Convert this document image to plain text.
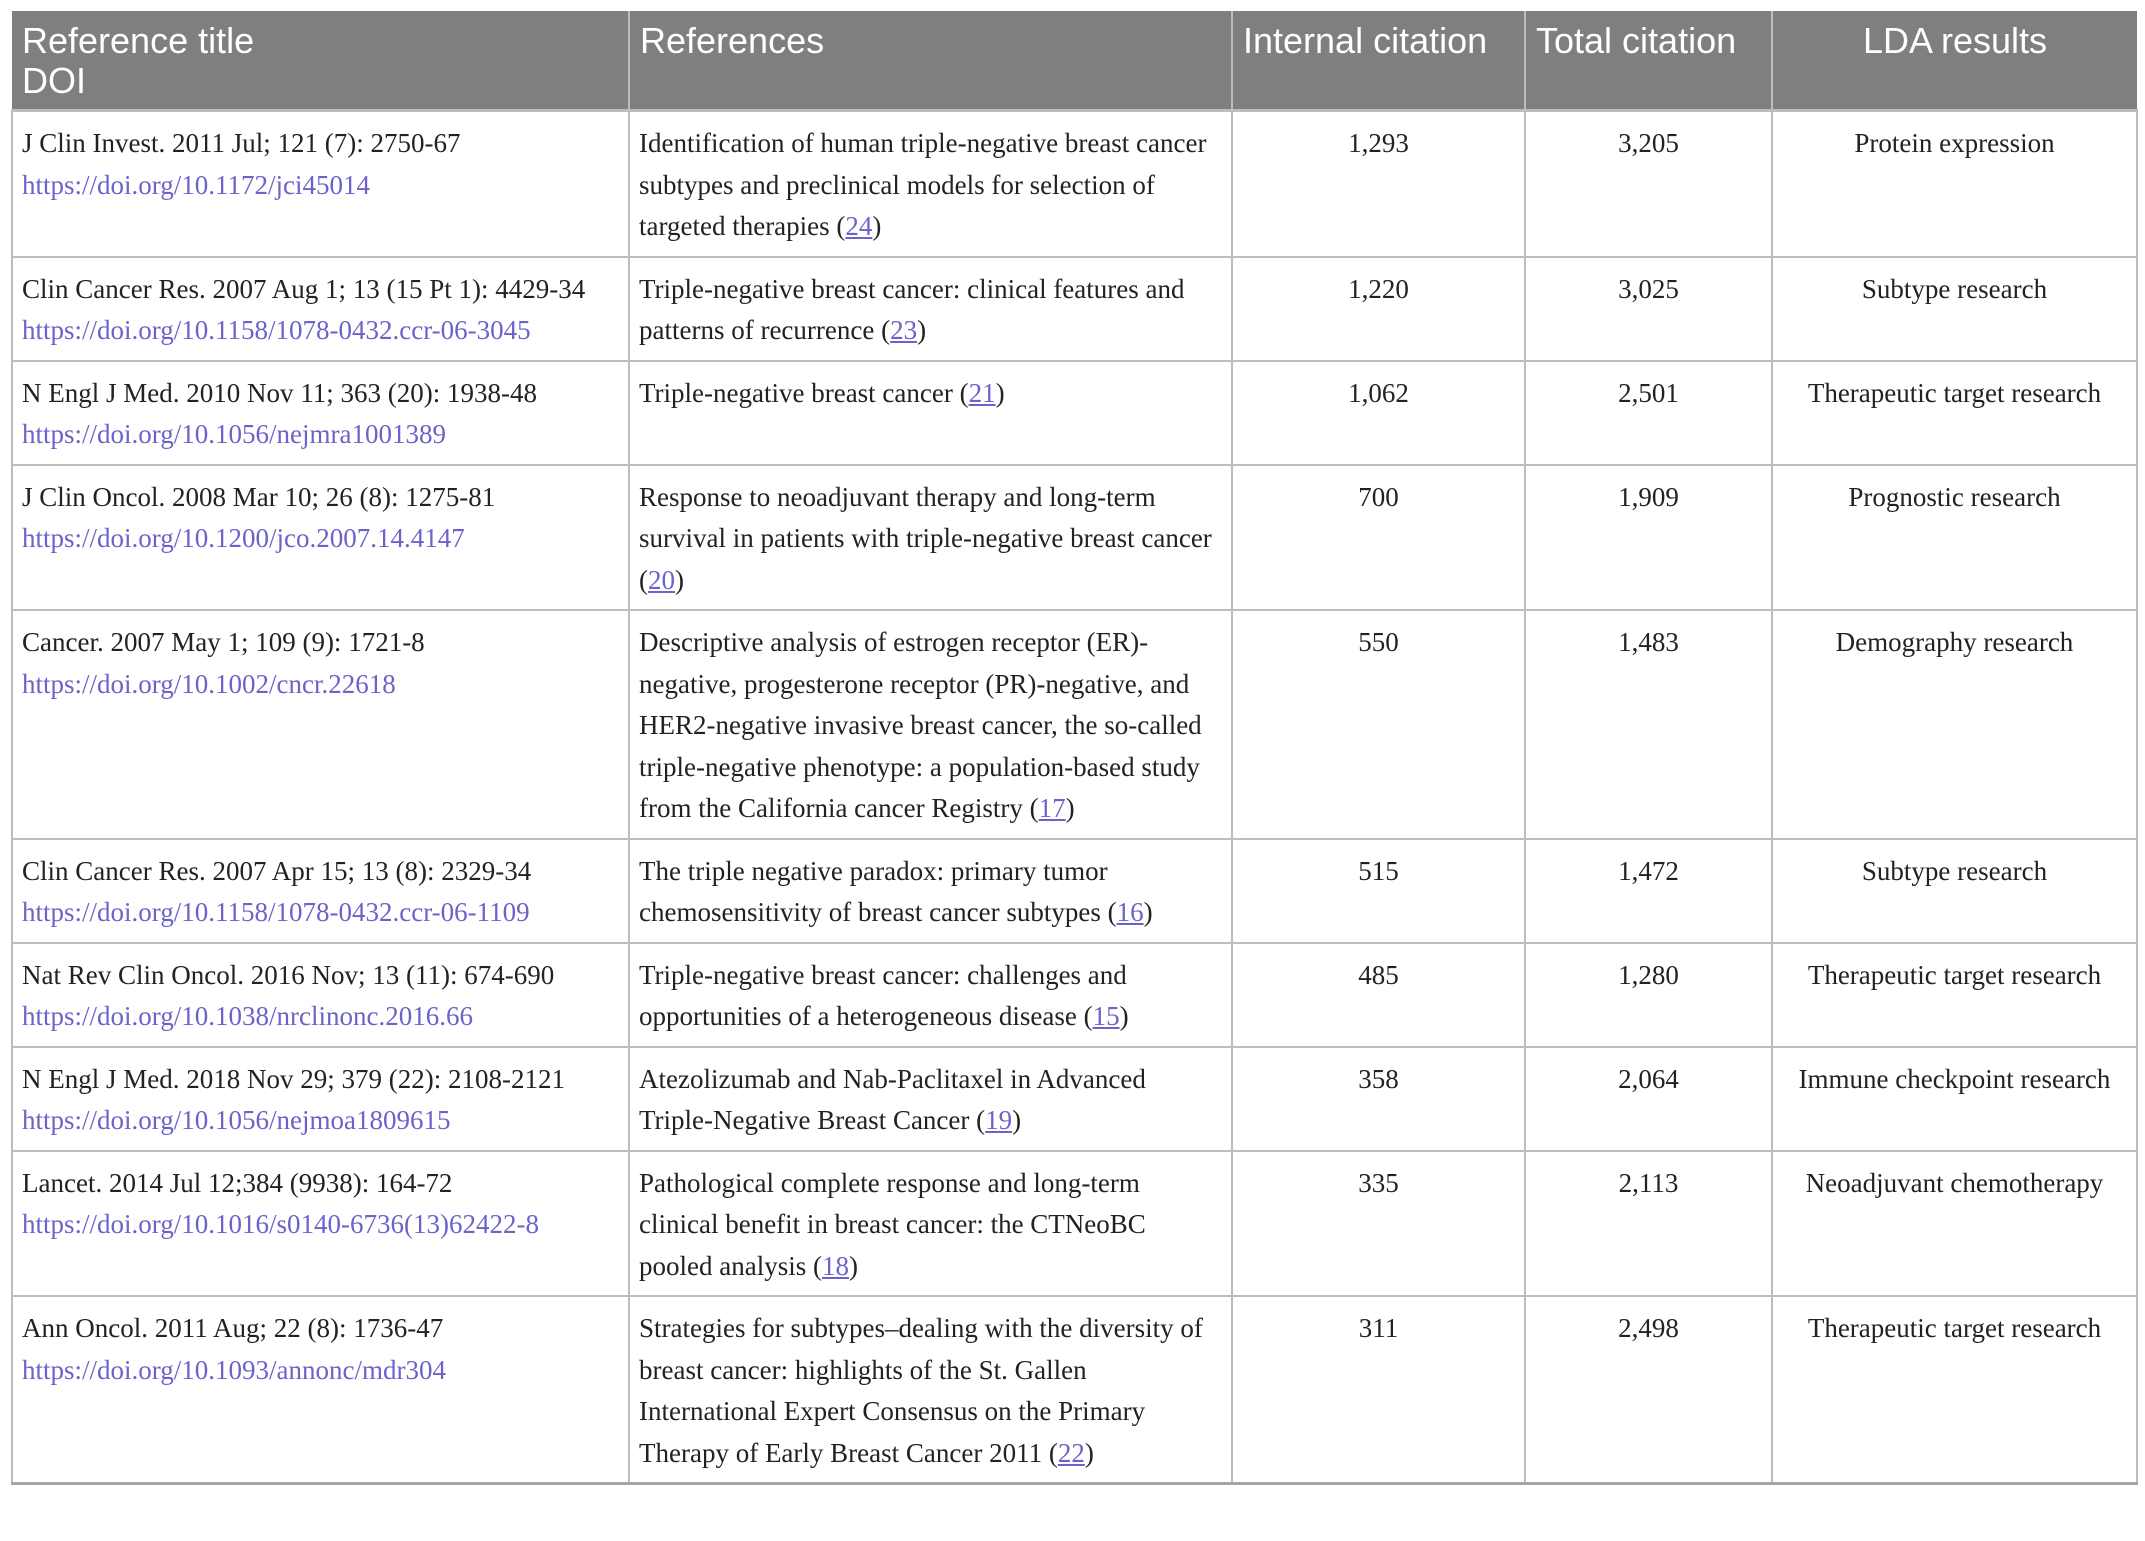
Reference title
DOI	References	Internal citation	Total citation	LDA results

J Clin Invest. 2011 Jul; 121 (7): 2750-67
https://doi.org/10.1172/jci45014	Identification of human triple-negative breast cancer subtypes and preclinical models for selection of targeted therapies (24)	1,293	3,205	Protein expression

Clin Cancer Res. 2007 Aug 1; 13 (15 Pt 1): 4429-34
https://doi.org/10.1158/1078-0432.ccr-06-3045	Triple-negative breast cancer: clinical features and patterns of recurrence (23)	1,220	3,025	Subtype research

N Engl J Med. 2010 Nov 11; 363 (20): 1938-48
https://doi.org/10.1056/nejmra1001389	Triple-negative breast cancer (21)	1,062	2,501	Therapeutic target research

J Clin Oncol. 2008 Mar 10; 26 (8): 1275-81
https://doi.org/10.1200/jco.2007.14.4147	Response to neoadjuvant therapy and long-term survival in patients with triple-negative breast cancer (20)	700	1,909	Prognostic research

Cancer. 2007 May 1; 109 (9): 1721-8
https://doi.org/10.1002/cncr.22618	Descriptive analysis of estrogen receptor (ER)-negative, progesterone receptor (PR)-negative, and HER2-negative invasive breast cancer, the so-called triple-negative phenotype: a population-based study from the California cancer Registry (17)	550	1,483	Demography research

Clin Cancer Res. 2007 Apr 15; 13 (8): 2329-34
https://doi.org/10.1158/1078-0432.ccr-06-1109	The triple negative paradox: primary tumor chemosensitivity of breast cancer subtypes (16)	515	1,472	Subtype research

Nat Rev Clin Oncol. 2016 Nov; 13 (11): 674-690
https://doi.org/10.1038/nrclinonc.2016.66	Triple-negative breast cancer: challenges and opportunities of a heterogeneous disease (15)	485	1,280	Therapeutic target research

N Engl J Med. 2018 Nov 29; 379 (22): 2108-2121
https://doi.org/10.1056/nejmoa1809615	Atezolizumab and Nab-Paclitaxel in Advanced Triple-Negative Breast Cancer (19)	358	2,064	Immune checkpoint research

Lancet. 2014 Jul 12;384 (9938): 164-72
https://doi.org/10.1016/s0140-6736(13)62422-8	Pathological complete response and long-term clinical benefit in breast cancer: the CTNeoBC pooled analysis (18)	335	2,113	Neoadjuvant chemotherapy

Ann Oncol. 2011 Aug; 22 (8): 1736-47
https://doi.org/10.1093/annonc/mdr304	Strategies for subtypes–dealing with the diversity of breast cancer: highlights of the St. Gallen International Expert Consensus on the Primary Therapy of Early Breast Cancer 2011 (22)	311	2,498	Therapeutic target research
